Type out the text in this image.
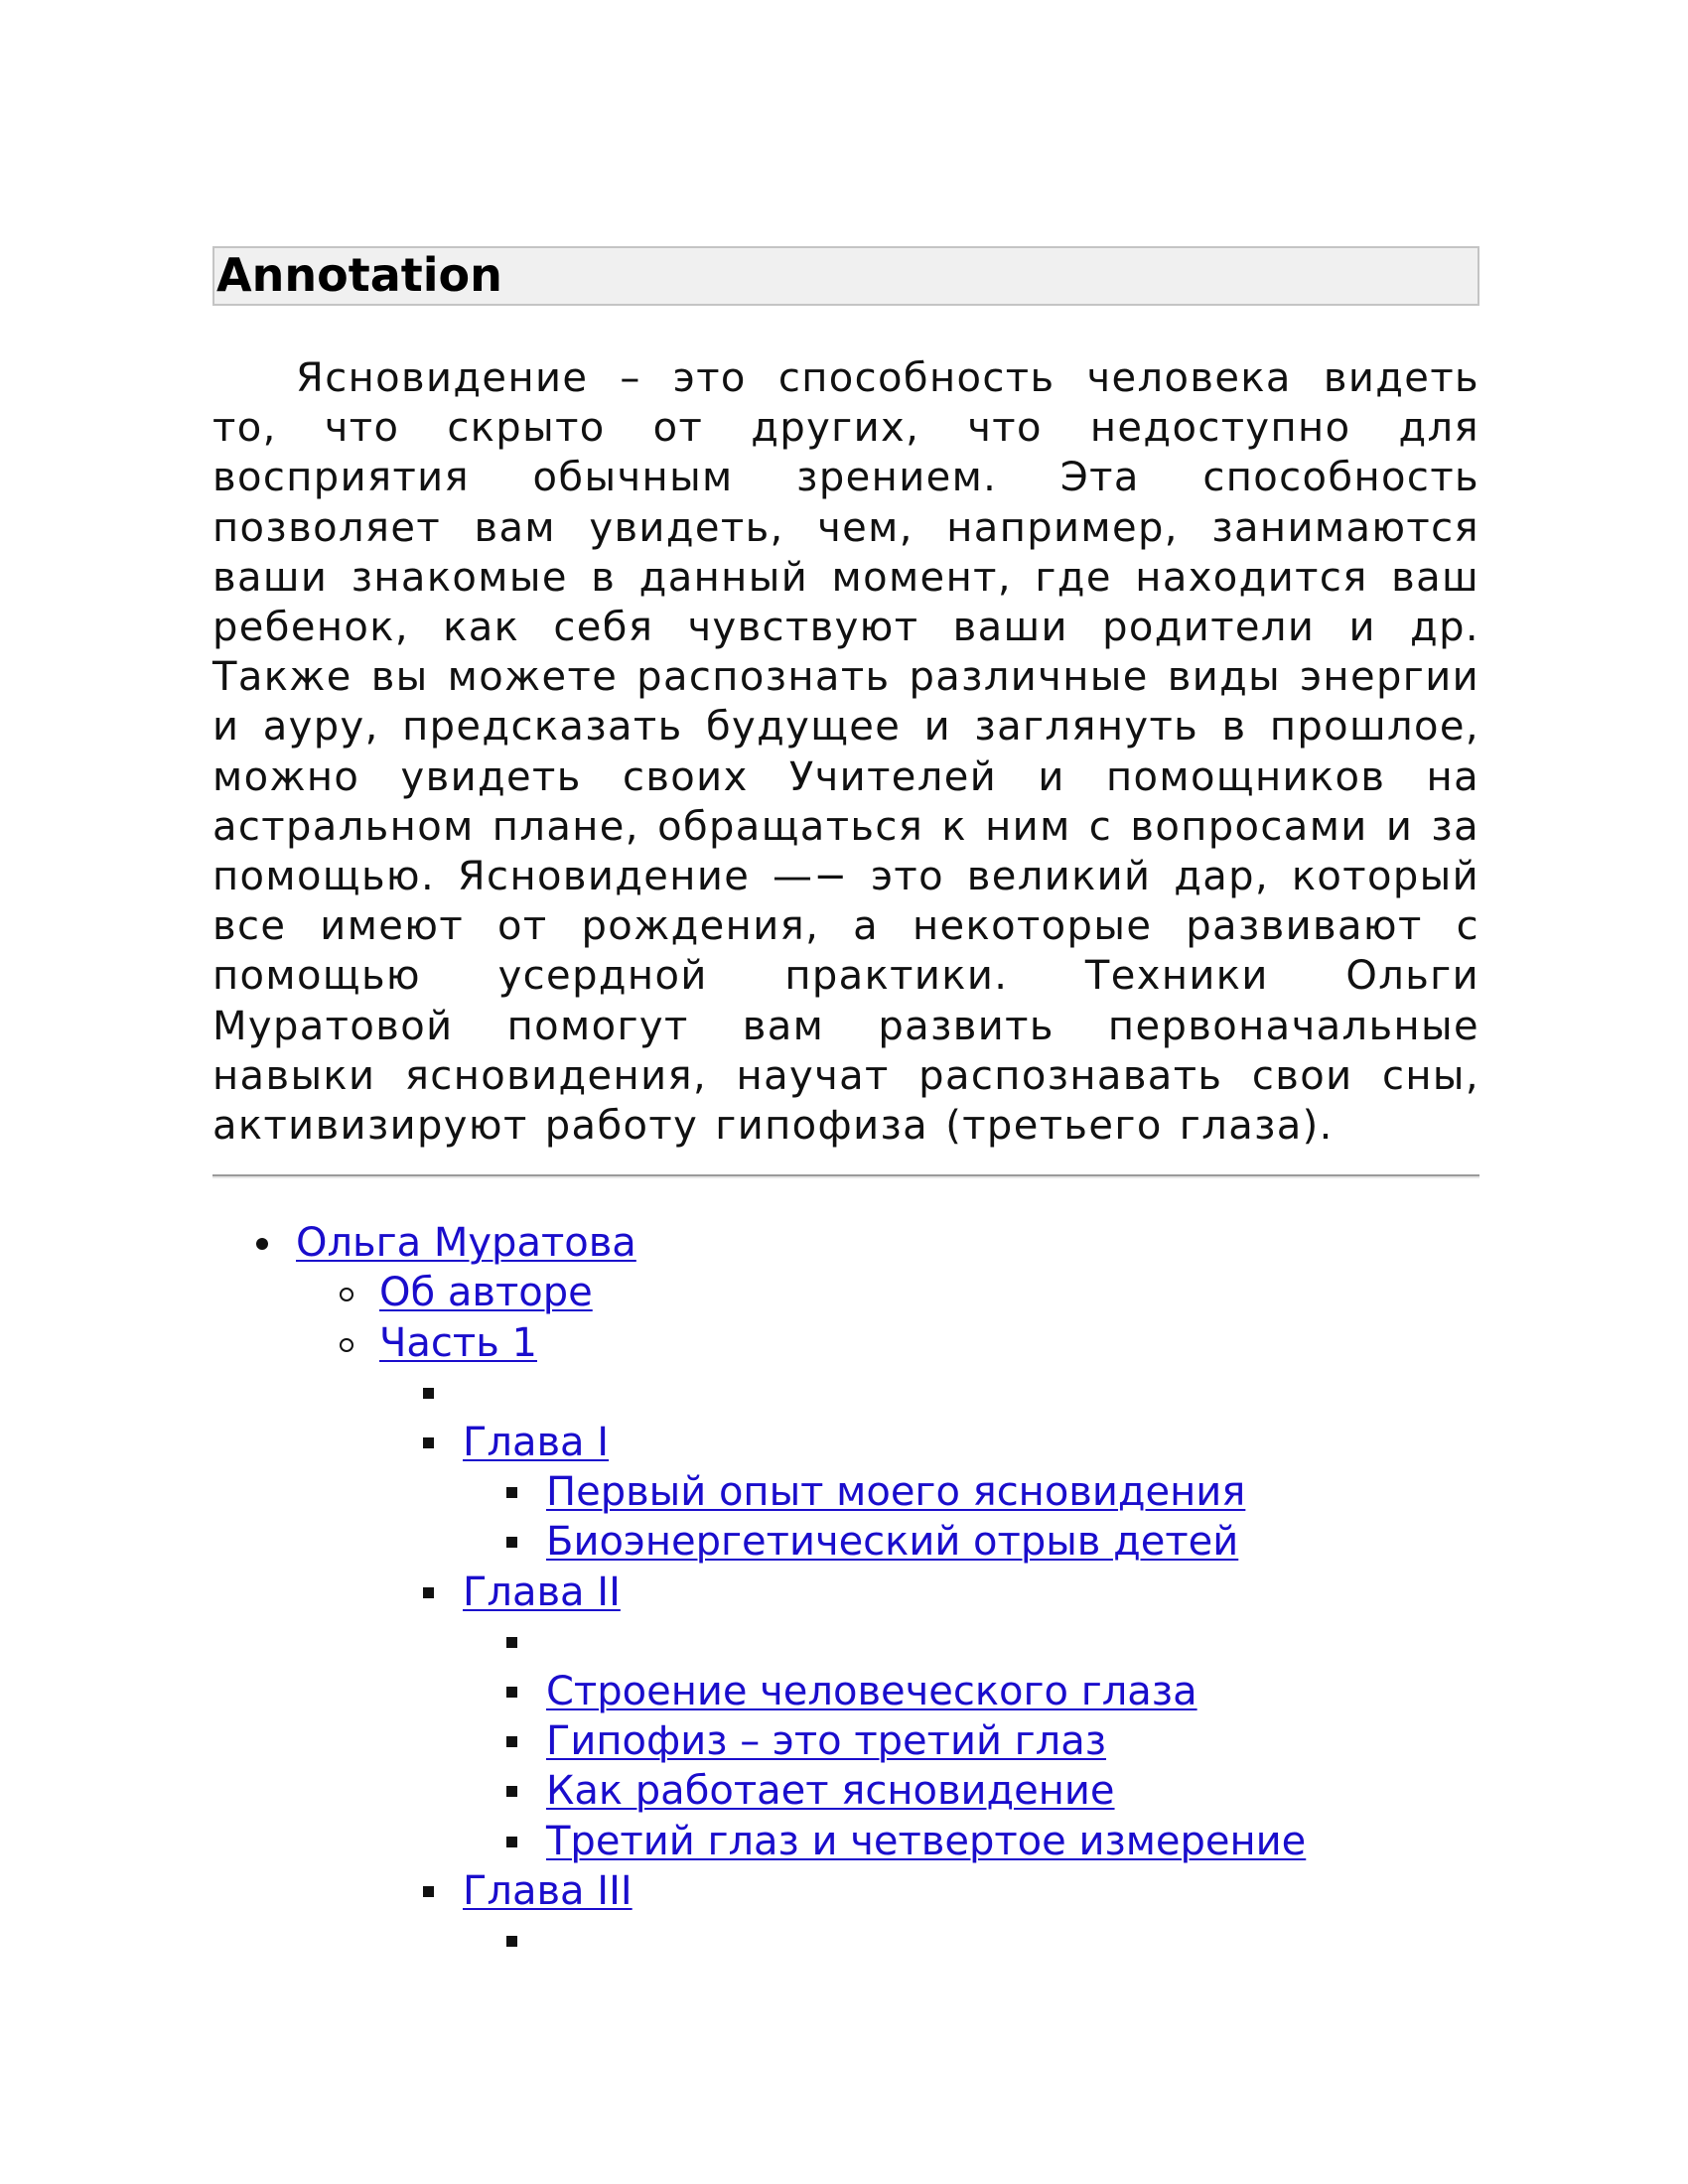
Annotation

Ясновидение – это способность человека видеть то, что скрыто от других, что недоступно для восприятия обычным зрением. Эта способность позволяет вам увидеть, чем, например, занимаются ваши знакомые в данный момент, где находится ваш ребенок, как себя чувствуют ваши родители и др. Также вы можете распознать различные виды энергии и ауру, предсказать будущее и заглянуть в прошлое, можно увидеть своих Учителей и помощников на астральном плане, обращаться к ним с вопросами и за помощью. Ясновидение —− это великий дар, который все имеют от рождения, а некоторые развивают с помощью усердной практики. Техники Ольги Муратовой помогут вам развить первоначальные навыки ясновидения, научат распознавать свои сны, активизируют работу гипофиза (третьего глаза).

Ольга Муратова
Об авторе
Часть 1
Глава I
Первый опыт моего ясновидения
Биоэнергетический отрыв детей
Глава II
Строение человеческого глаза
Гипофиз – это третий глаз
Как работает ясновидение
Третий глаз и четвертое измерение
Глава III
